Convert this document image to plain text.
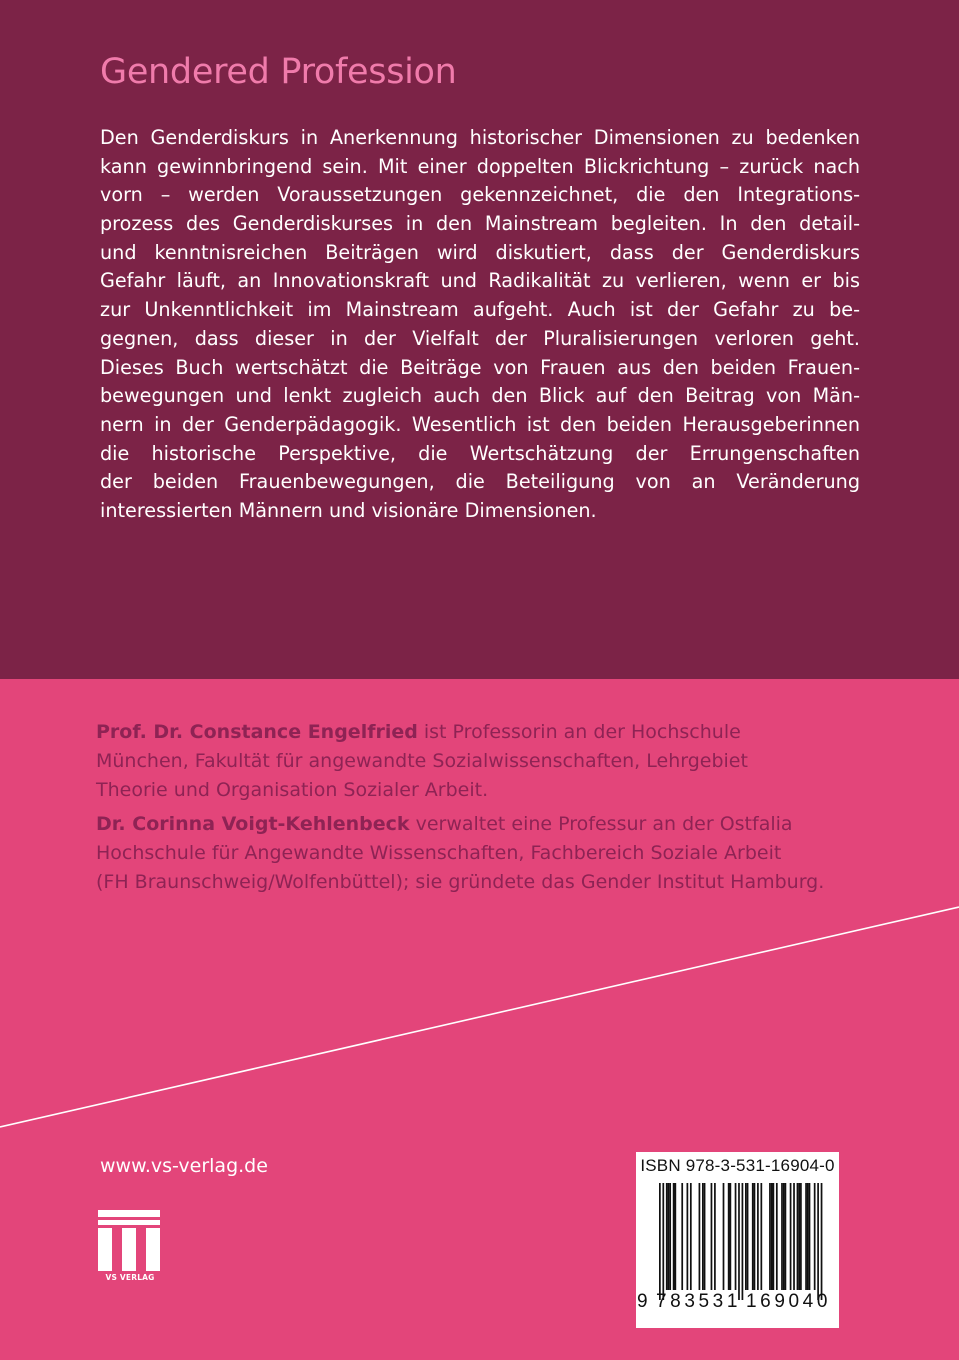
Gendered Profession
Den Genderdiskurs in Anerkennung historischer Dimensionen zu bedenken
kann gewinnbringend sein. Mit einer doppelten Blickrichtung – zurück nach
vorn – werden Voraussetzungen gekennzeichnet, die den Integrations-
prozess des Genderdiskurses in den Mainstream begleiten. In den detail-
und kenntnisreichen Beiträgen wird diskutiert, dass der Genderdiskurs
Gefahr läuft, an Innovationskraft und Radikalität zu verlieren, wenn er bis
zur Unkenntlichkeit im Mainstream aufgeht. Auch ist der Gefahr zu be-
gegnen, dass dieser in der Vielfalt der Pluralisierungen verloren geht.
Dieses Buch wertschätzt die Beiträge von Frauen aus den beiden Frauen-
bewegungen und lenkt zugleich auch den Blick auf den Beitrag von Män-
nern in der Genderpädagogik. Wesentlich ist den beiden Herausgeberinnen
die historische Perspektive, die Wertschätzung der Errungenschaften
der beiden Frauenbewegungen, die Beteiligung von an Veränderung
interessierten Männern und visionäre Dimensionen.
Prof. Dr. Constance Engelfried ist Professorin an der Hochschule
München, Fakultät für angewandte Sozialwissenschaften, Lehrgebiet
Theorie und Organisation Sozialer Arbeit.
Dr. Corinna Voigt-Kehlenbeck verwaltet eine Professur an der Ostfalia
Hochschule für Angewandte Wissenschaften, Fachbereich Soziale Arbeit
(FH Braunschweig/Wolfenbüttel); sie gründete das Gender Institut Hamburg.
www.vs-verlag.de
VS VERLAG
ISBN 978-3-531-16904-0
9 783531 169040
